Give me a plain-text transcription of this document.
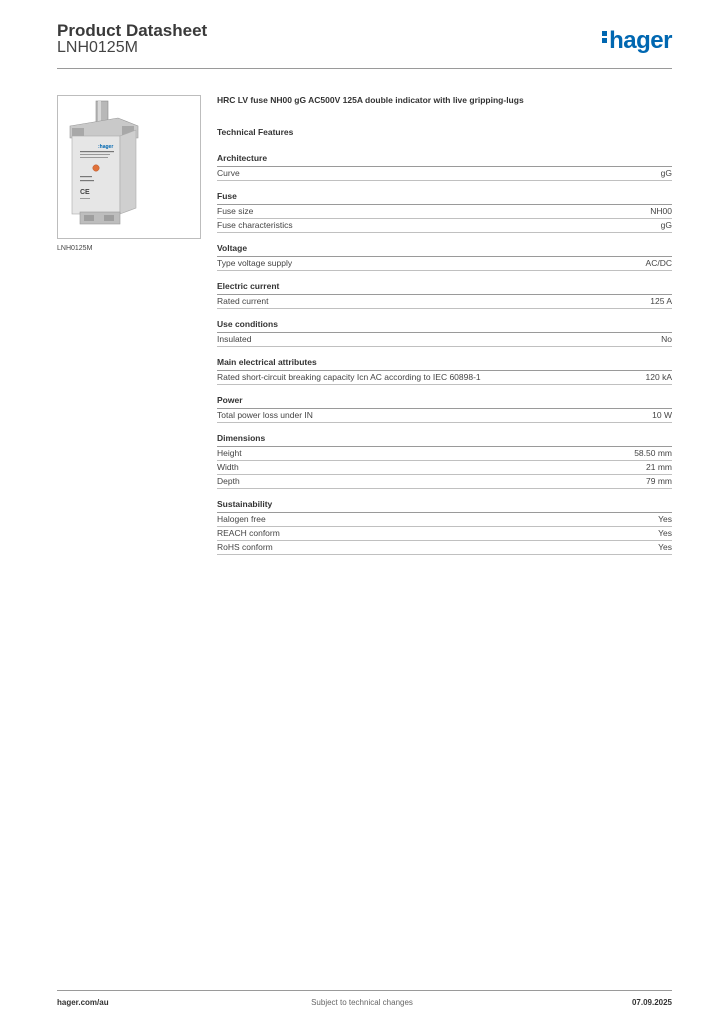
Product Datasheet
LNH0125M	hager
:hager
CE
LNH0125M
HRC LV fuse NH00 gG AC500V 125A double indicator with live gripping-lugs
Technical Features
Architecture
Curve	gG
Fuse
Fuse size	NH00
Fuse characteristics	gG
Voltage
Type voltage supply	AC/DC
Electric current
Rated current	125 A
Use conditions
Insulated	No
Main electrical attributes
Rated short-circuit breaking capacity Icn AC according to IEC 60898-1	120 kA
Power
Total power loss under IN	10 W
Dimensions
Height	58.50 mm
Width	21 mm
Depth	79 mm
Sustainability
Halogen free	Yes
REACH conform	Yes
RoHS conform	Yes
hager.com/au	Subject to technical changes	07.09.2025
